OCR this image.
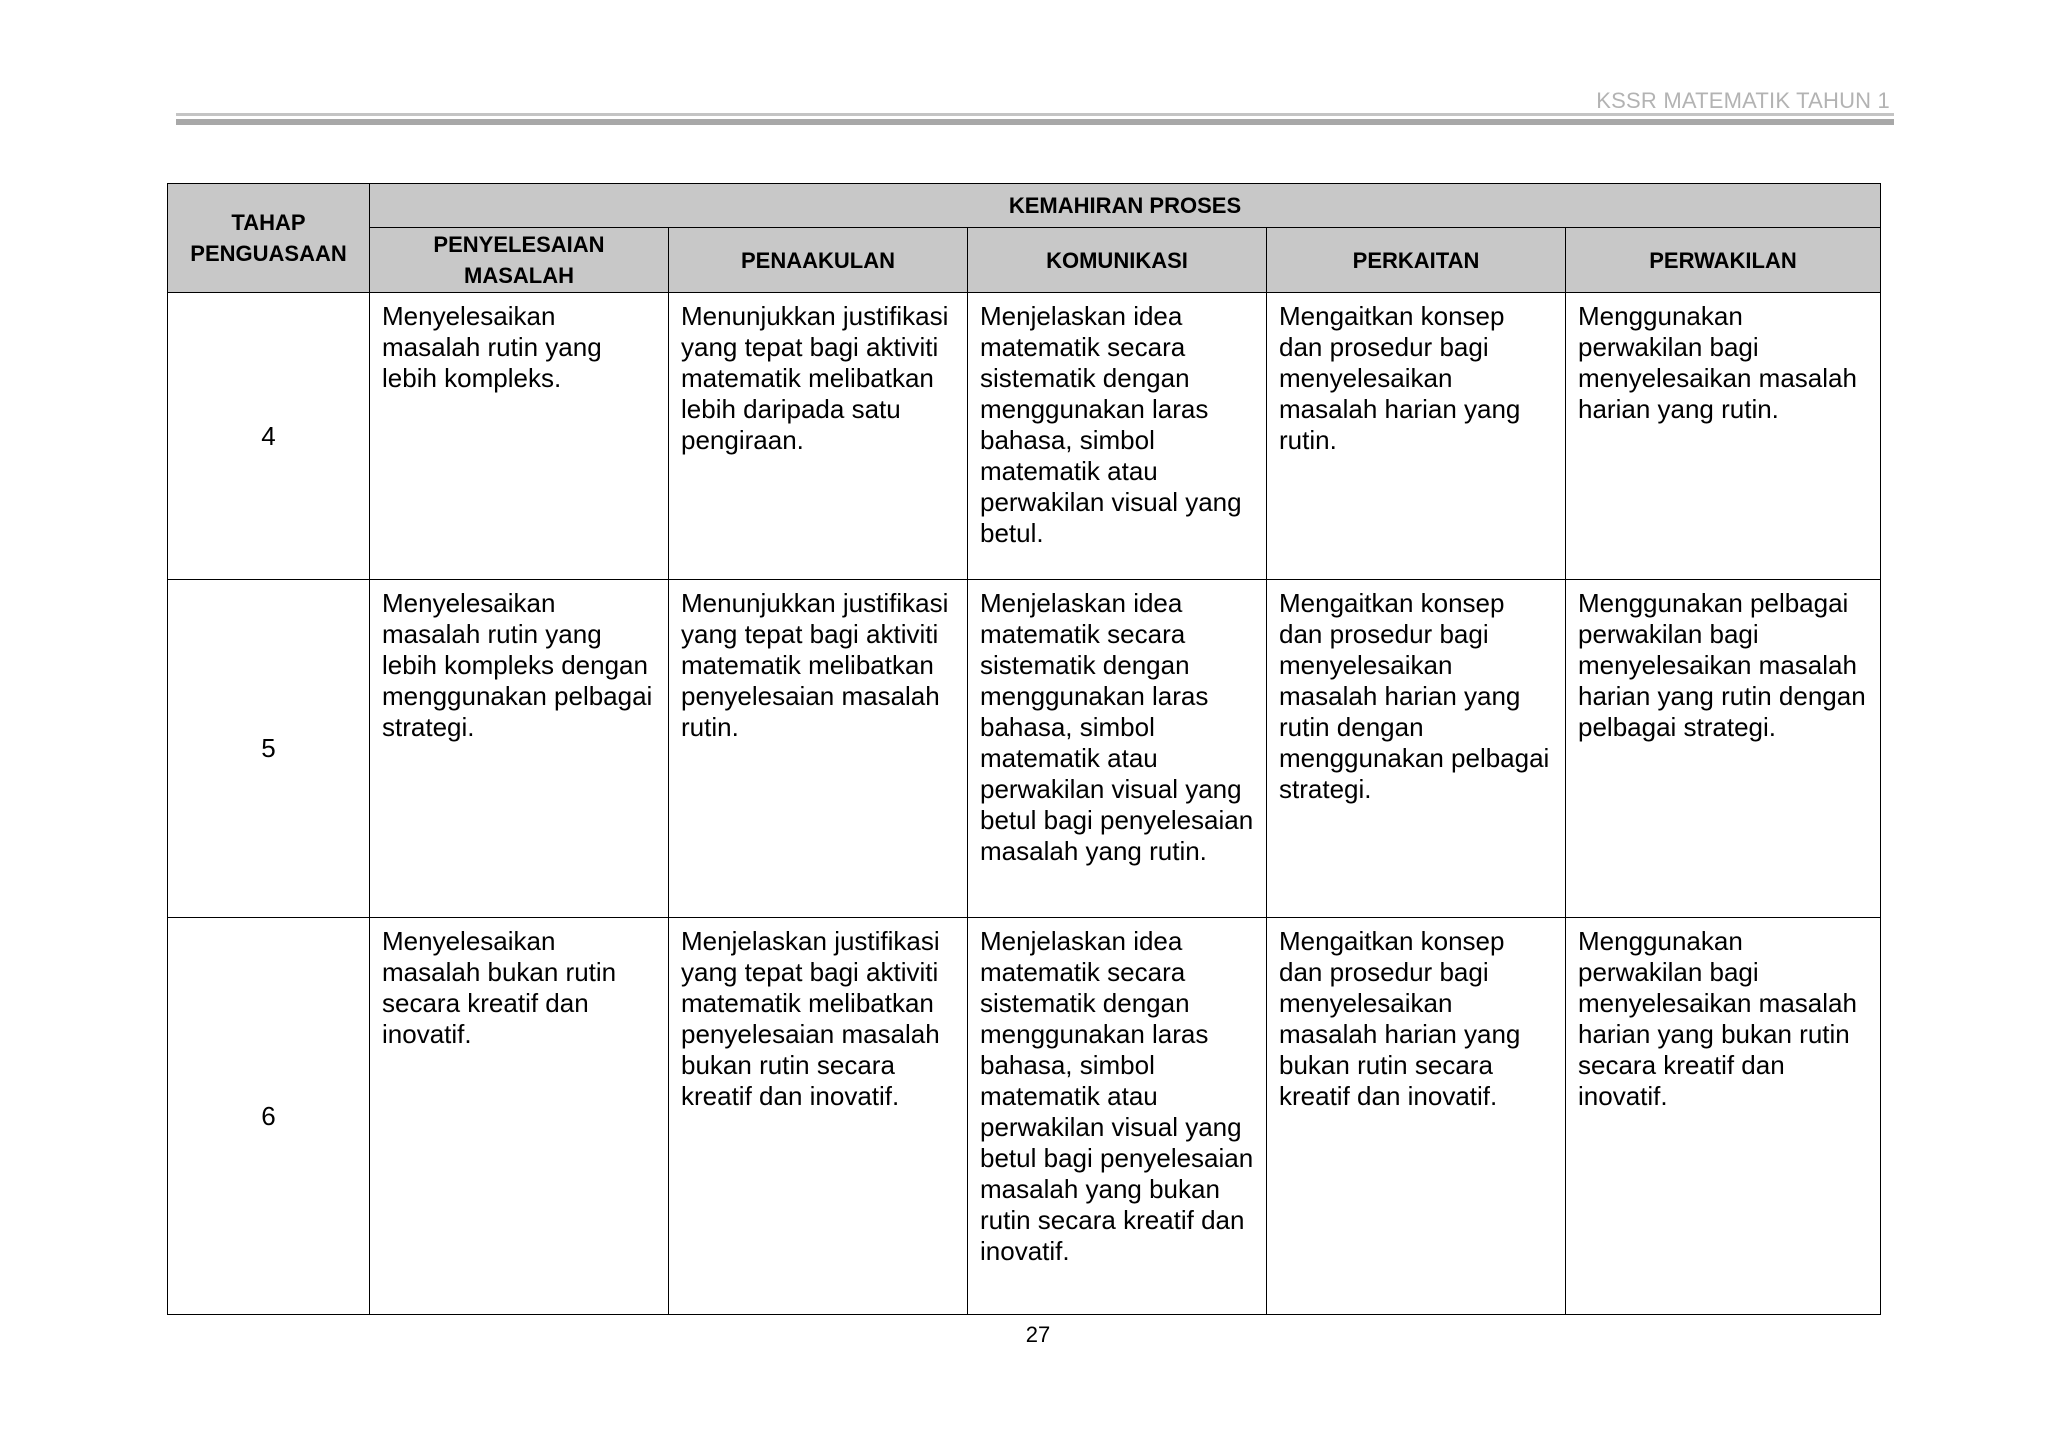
KSSR MATEMATIK TAHUN 1
TAHAP PENGUASAAN	KEMAHIRAN PROSES				
	PENYELESAIAN MASALAH	PENAAKULAN	KOMUNIKASI	PERKAITAN	PERWAKILAN
4	Menyelesaikan masalah rutin yang lebih kompleks.	Menunjukkan justifikasi yang tepat bagi aktiviti matematik melibatkan lebih daripada satu pengiraan.	Menjelaskan idea matematik secara sistematik dengan menggunakan laras bahasa, simbol matematik atau perwakilan visual yang betul.	Mengaitkan konsep dan prosedur bagi menyelesaikan masalah harian yang rutin.	Menggunakan perwakilan bagi menyelesaikan masalah harian yang rutin.
5	Menyelesaikan masalah rutin yang lebih kompleks dengan menggunakan pelbagai strategi.	Menunjukkan justifikasi yang tepat bagi aktiviti matematik melibatkan penyelesaian masalah rutin.	Menjelaskan idea matematik secara sistematik dengan menggunakan laras bahasa, simbol matematik atau perwakilan visual yang betul bagi penyelesaian masalah yang rutin.	Mengaitkan konsep dan prosedur bagi menyelesaikan masalah harian yang rutin dengan menggunakan pelbagai strategi.	Menggunakan pelbagai perwakilan bagi menyelesaikan masalah harian yang rutin dengan pelbagai strategi.
6	Menyelesaikan masalah bukan rutin secara kreatif dan inovatif.	Menjelaskan justifikasi yang tepat bagi aktiviti matematik melibatkan penyelesaian masalah bukan rutin secara kreatif dan inovatif.	Menjelaskan idea matematik secara sistematik dengan menggunakan laras bahasa, simbol matematik atau perwakilan visual yang betul bagi penyelesaian masalah yang bukan rutin secara kreatif dan inovatif.	Mengaitkan konsep dan prosedur bagi menyelesaikan masalah harian yang bukan rutin secara kreatif dan inovatif.	Menggunakan perwakilan bagi menyelesaikan masalah harian yang bukan rutin secara kreatif dan inovatif.
27
